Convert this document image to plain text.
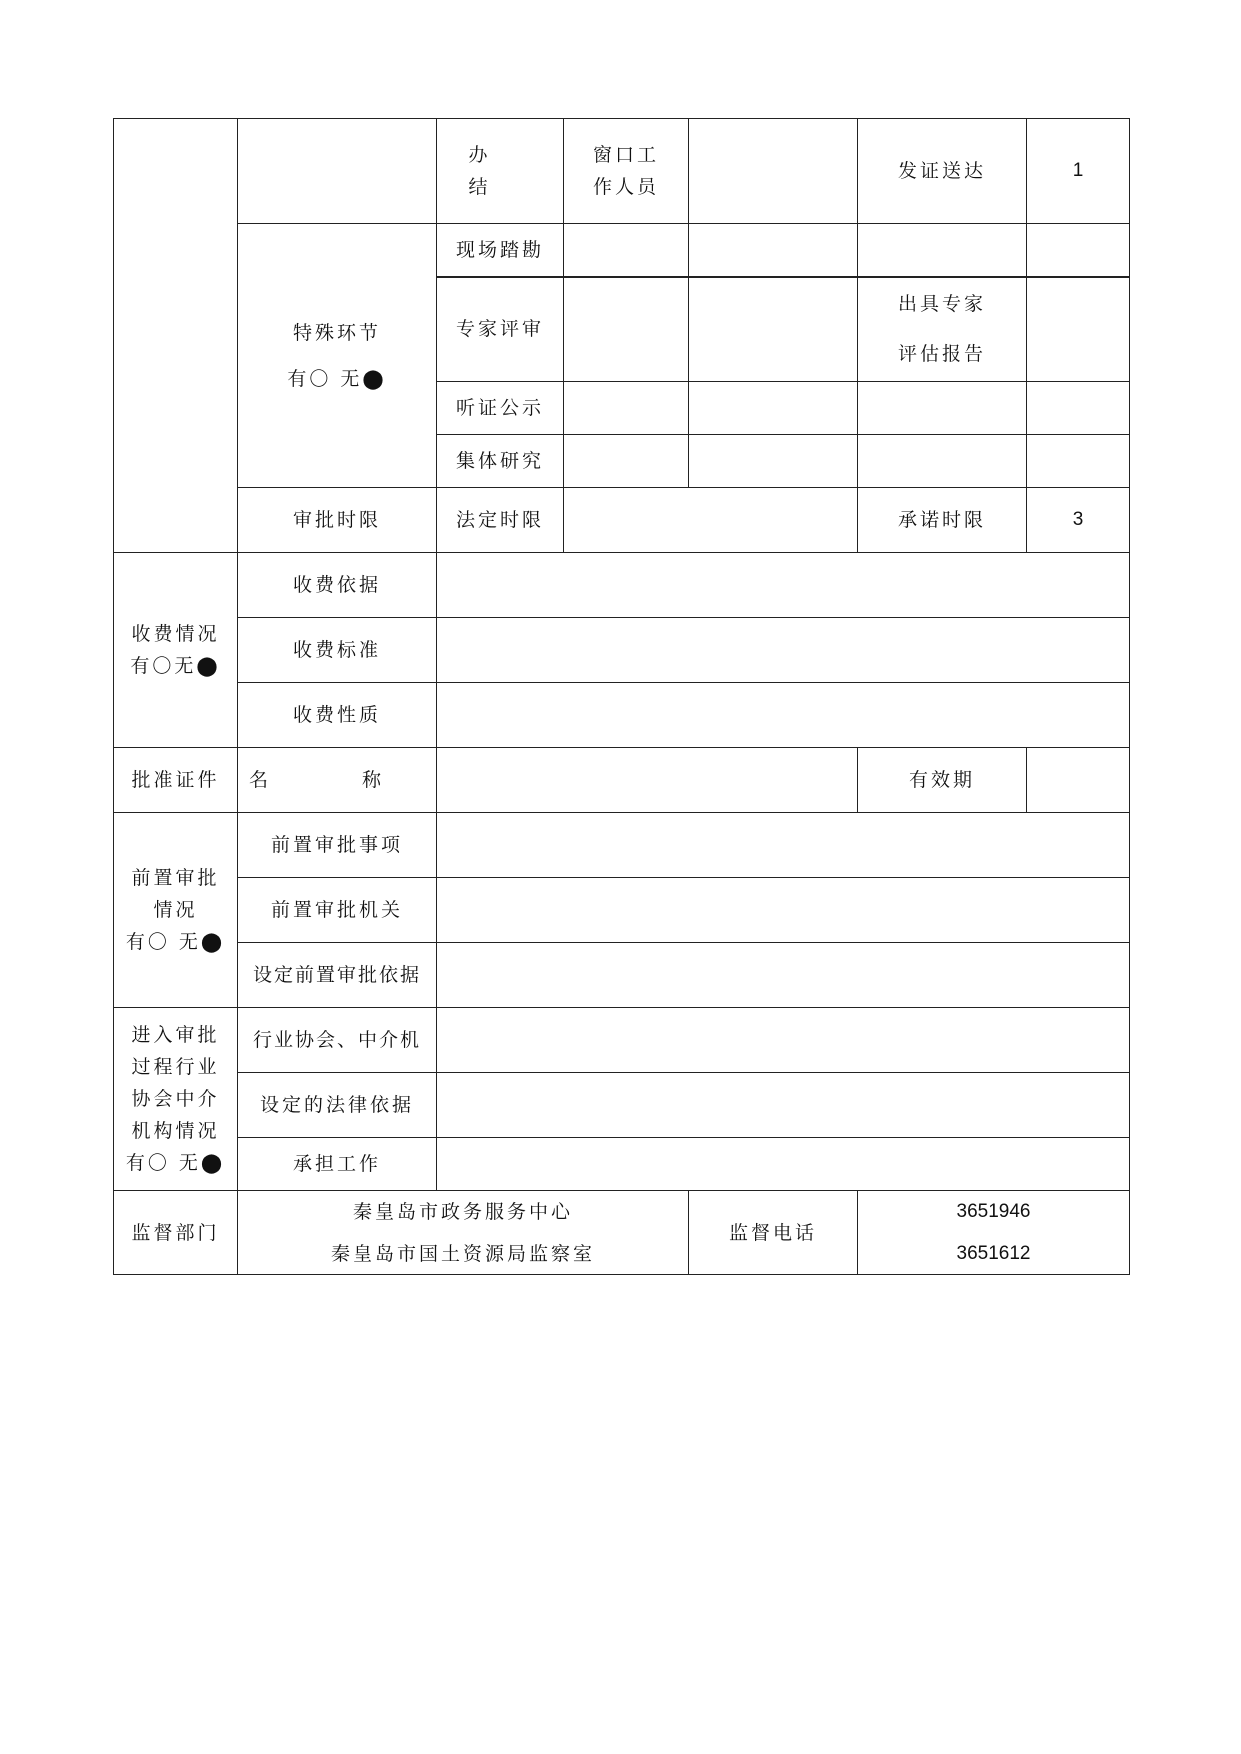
		办 结	窗口工
作人员		发证送达	1

	特殊环节
有〇 无⬤	现场踏勘				
		专家评审			出具专家
评估报告	

		听证公示				
		集体研究				
	审批时限	法定时限			承诺时限	3

收费情况
有〇无⬤	收费依据					
	收费标准					
	收费性质					
批准证件	名 称				有效期	

前置审批
情况
有〇 无⬤	前置审批事项					
	前置审批机关					
	设定前置审批依据					

进入审批
过程行业
协会中介
机构情况
有〇 无⬤	行业协会、中介机					
	设定的法律依据					
	承担工作					
监督部门	秦皇岛市政务服务中心
秦皇岛市国土资源局监察室			监督电话	3651946
3651612	
